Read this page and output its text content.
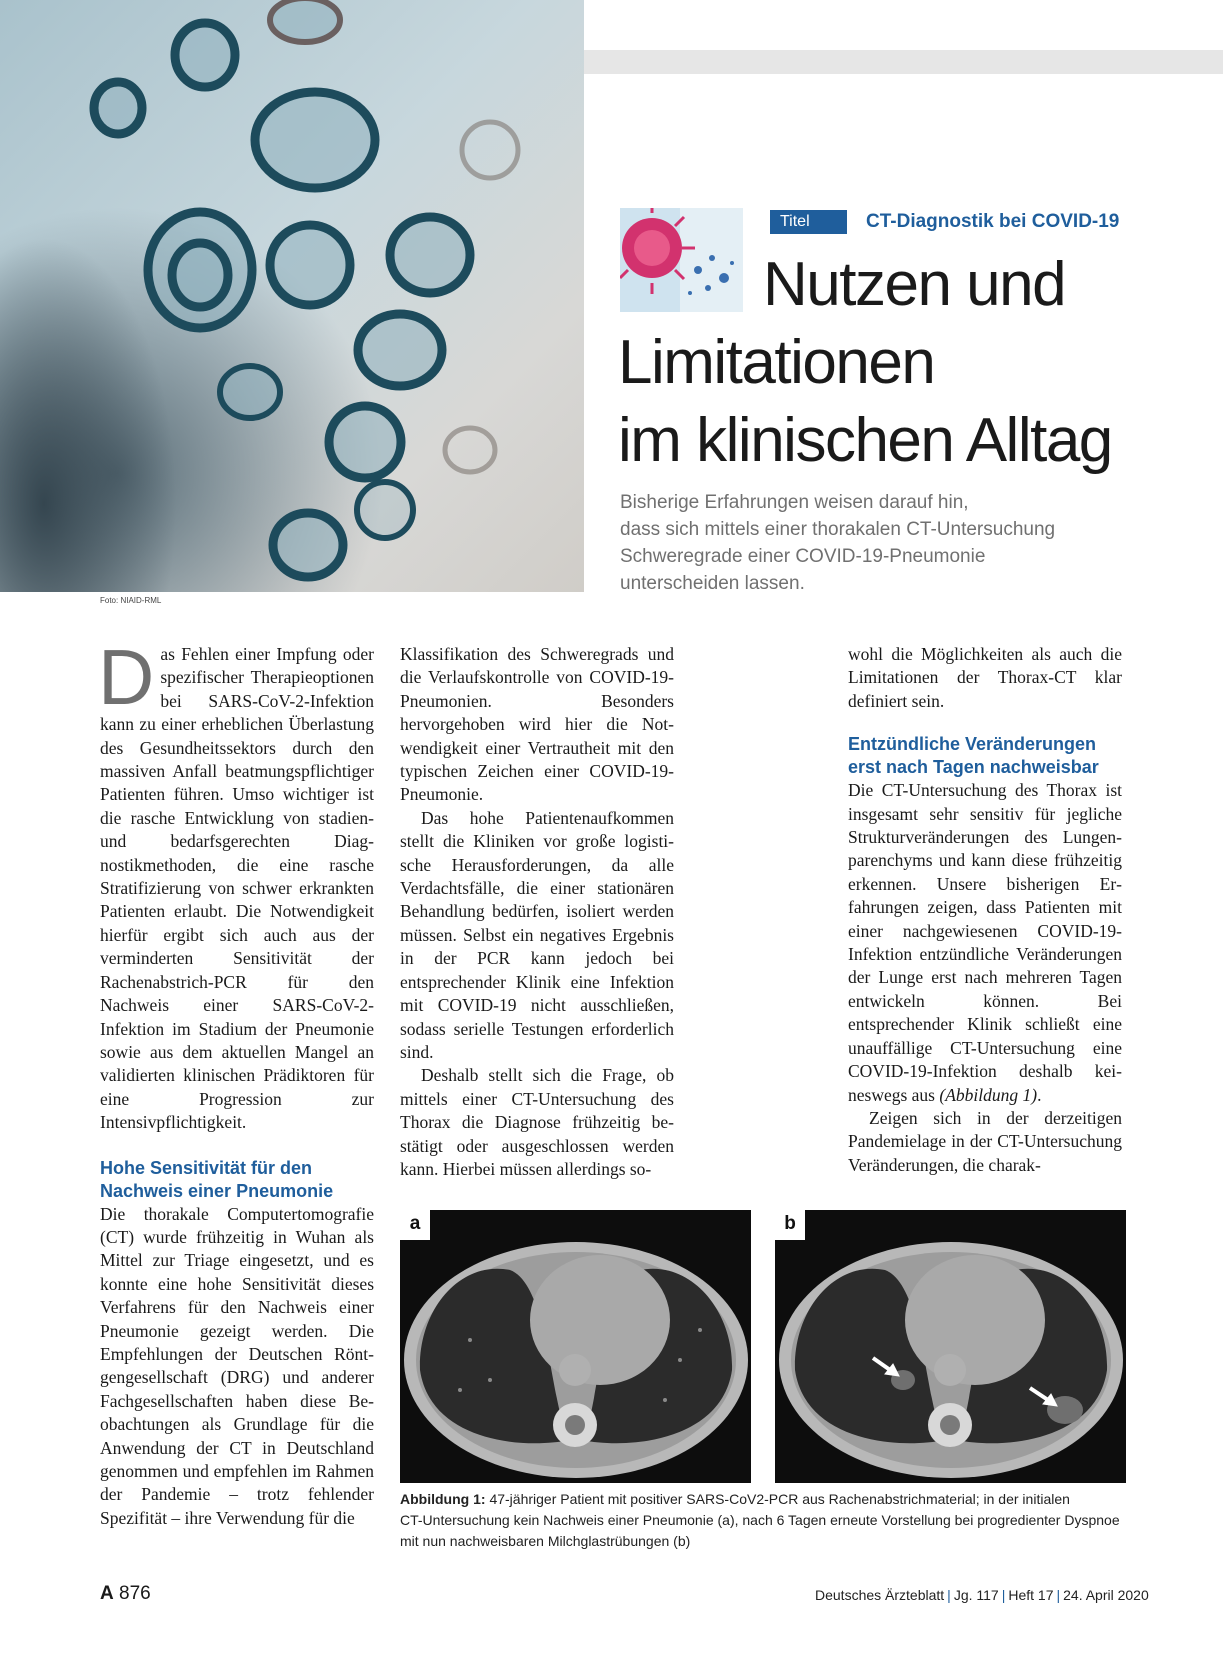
Foto: NIAID-RML
Titel	CT-Diagnostik bei COVID-19
Nutzen und
Limitationen
im klinischen Alltag
Bisherige Erfahrungen weisen darauf hin,
dass sich mittels einer thorakalen CT-Untersuchung
Schweregrade einer COVID-19-Pneumonie
unterscheiden lassen.

Das Fehlen einer Impfung oder spezifischer Therapieoptionen bei SARS-CoV-2-Infektion kann zu einer erheblichen Überlastung des Gesundheitssektors durch den massiven Anfall beatmungspflichtiger Patienten führen. Umso wichtiger ist die rasche Entwicklung von stadien- und bedarfsgerechten Diagnostikmethoden, die eine rasche Stratifizierung von schwer erkrankten Patienten erlaubt. Die Notwendigkeit hierfür ergibt sich auch aus der verminderten Sensitivität der Rachenabstrich-PCR für den Nachweis einer SARS-CoV-2-Infektion im Stadium der Pneumonie sowie aus dem aktuellen Mangel an validierten klinischen Prädiktoren für eine Progression zur Intensivpflichtigkeit.

Hohe Sensitivität für den
Nachweis einer Pneumonie

Die thorakale Computertomografie (CT) wurde frühzeitig in Wuhan als Mittel zur Triage eingesetzt, und es konnte eine hohe Sensitivität dieses Verfahrens für den Nachweis einer Pneumonie gezeigt werden. Die Empfehlungen der Deutschen Röntgengesellschaft (DRG) und anderer Fachgesellschaften haben diese Beobachtungen als Grundlage für die Anwendung der CT in Deutschland genommen und empfehlen im Rahmen der Pandemie – trotz fehlender Spezifität – ihre Verwendung für die

Klassifikation des Schweregrads und die Verlaufskontrolle von COVID-19-Pneumonien. Besonders hervorgehoben wird hier die Notwendigkeit einer Vertrautheit mit den typischen Zeichen einer COVID-19-Pneumonie.

Das hohe Patientenaufkommen stellt die Kliniken vor große logistische Herausforderungen, da alle Verdachtsfälle, die einer stationären Behandlung bedürfen, isoliert werden müssen. Selbst ein negatives Ergebnis in der PCR kann jedoch bei entsprechender Klinik eine Infektion mit COVID-19 nicht ausschließen, sodass serielle Testungen erforderlich sind.

Deshalb stellt sich die Frage, ob mittels einer CT-Untersuchung des Thorax die Diagnose frühzeitig bestätigt oder ausgeschlossen werden kann. Hierbei müssen allerdings so-

wohl die Möglichkeiten als auch die Limitationen der Thorax-CT klar definiert sein.

Entzündliche Veränderungen
erst nach Tagen nachweisbar

Die CT-Untersuchung des Thorax ist insgesamt sehr sensitiv für jegliche Strukturveränderungen des Lungenparenchyms und kann diese frühzeitig erkennen. Unsere bisherigen Erfahrungen zeigen, dass Patienten mit einer nachgewiesenen COVID-19-Infektion entzündliche Veränderungen der Lunge erst nach mehreren Tagen entwickeln können. Bei entsprechender Klinik schließt eine unauffällige CT-Untersuchung eine COVID-19-Infektion deshalb keineswegs aus (Abbildung 1).

Zeigen sich in der derzeitigen Pandemielage in der CT-Untersuchung Veränderungen, die charak-

a	b
Abbildung 1: 47-jähriger Patient mit positiver SARS-CoV2-PCR aus Rachenabstrichmaterial; in der initialen
CT-Untersuchung kein Nachweis einer Pneumonie (a), nach 6 Tagen erneute Vorstellung bei progredienter Dyspnoe
mit nun nachweisbaren Milchglastrübungen (b)
A 876	Deutsches Ärzteblatt | Jg. 117 | Heft 17 | 24. April 2020
